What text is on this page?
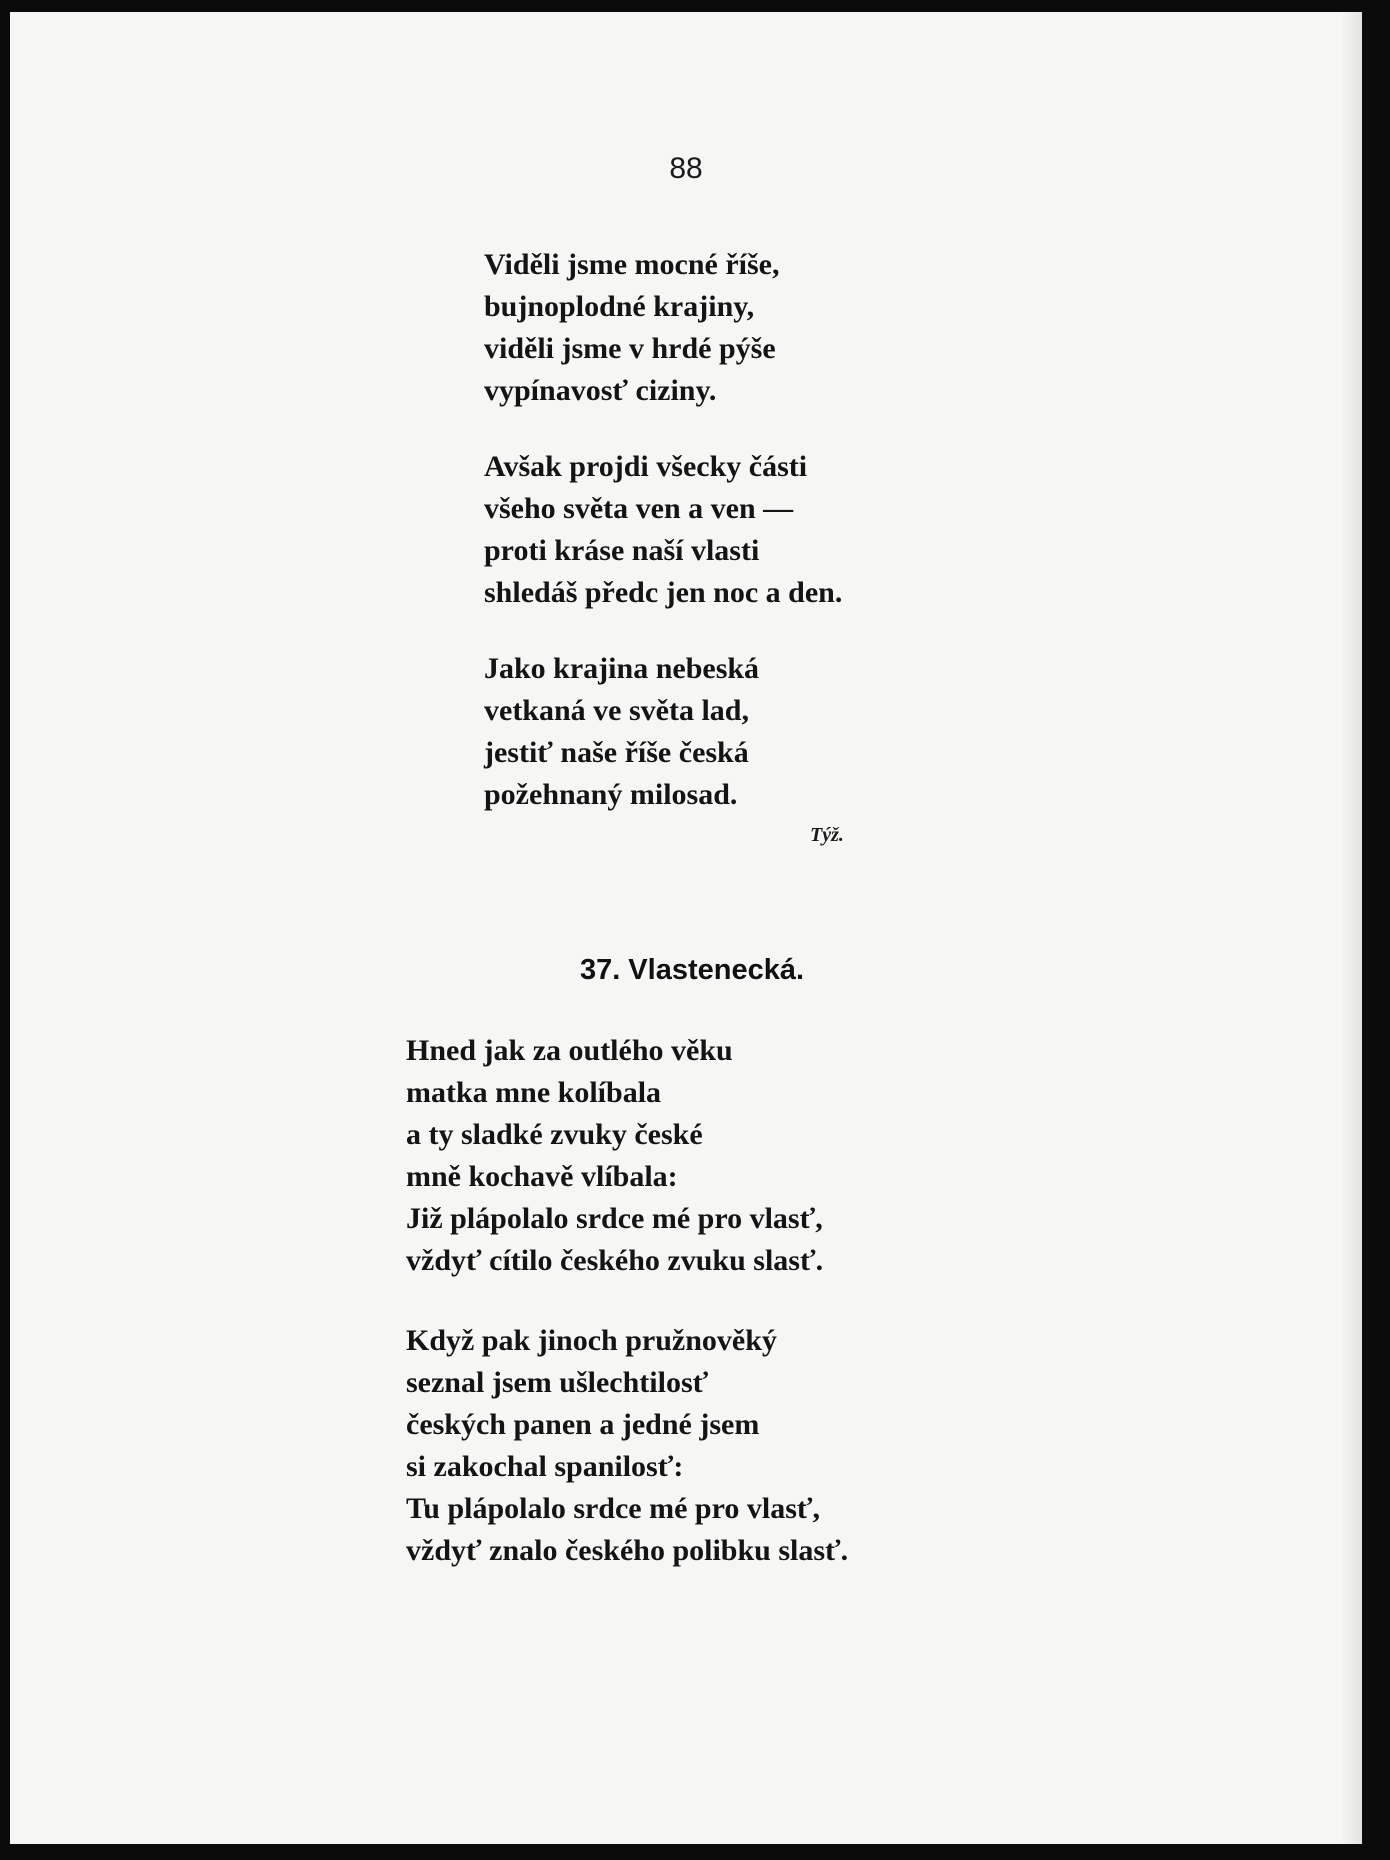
88

Viděli jsme mocné říše,
bujnoplodné krajiny,
viděli jsme v hrdé pýše
vypínavosť ciziny.
Avšak projdi všecky části
všeho světa ven a ven —
proti kráse naší vlasti
shledáš předc jen noc a den.
Jako krajina nebeská
vetkaná ve světa lad,
jestiť naše říše česká
požehnaný milosad.
Týž.
37. Vlastenecká.
Hned jak za outlého věku
matka mne kolíbala
a ty sladké zvuky české
mně kochavě vlíbala:
Již plápolalo srdce mé pro vlasť,
vždyť cítilo českého zvuku slasť.
Když pak jinoch pružnověký
seznal jsem ušlechtilosť
českých panen a jedné jsem
si zakochal spanilosť:
Tu plápolalo srdce mé pro vlasť,
vždyť znalo českého polibku slasť.
